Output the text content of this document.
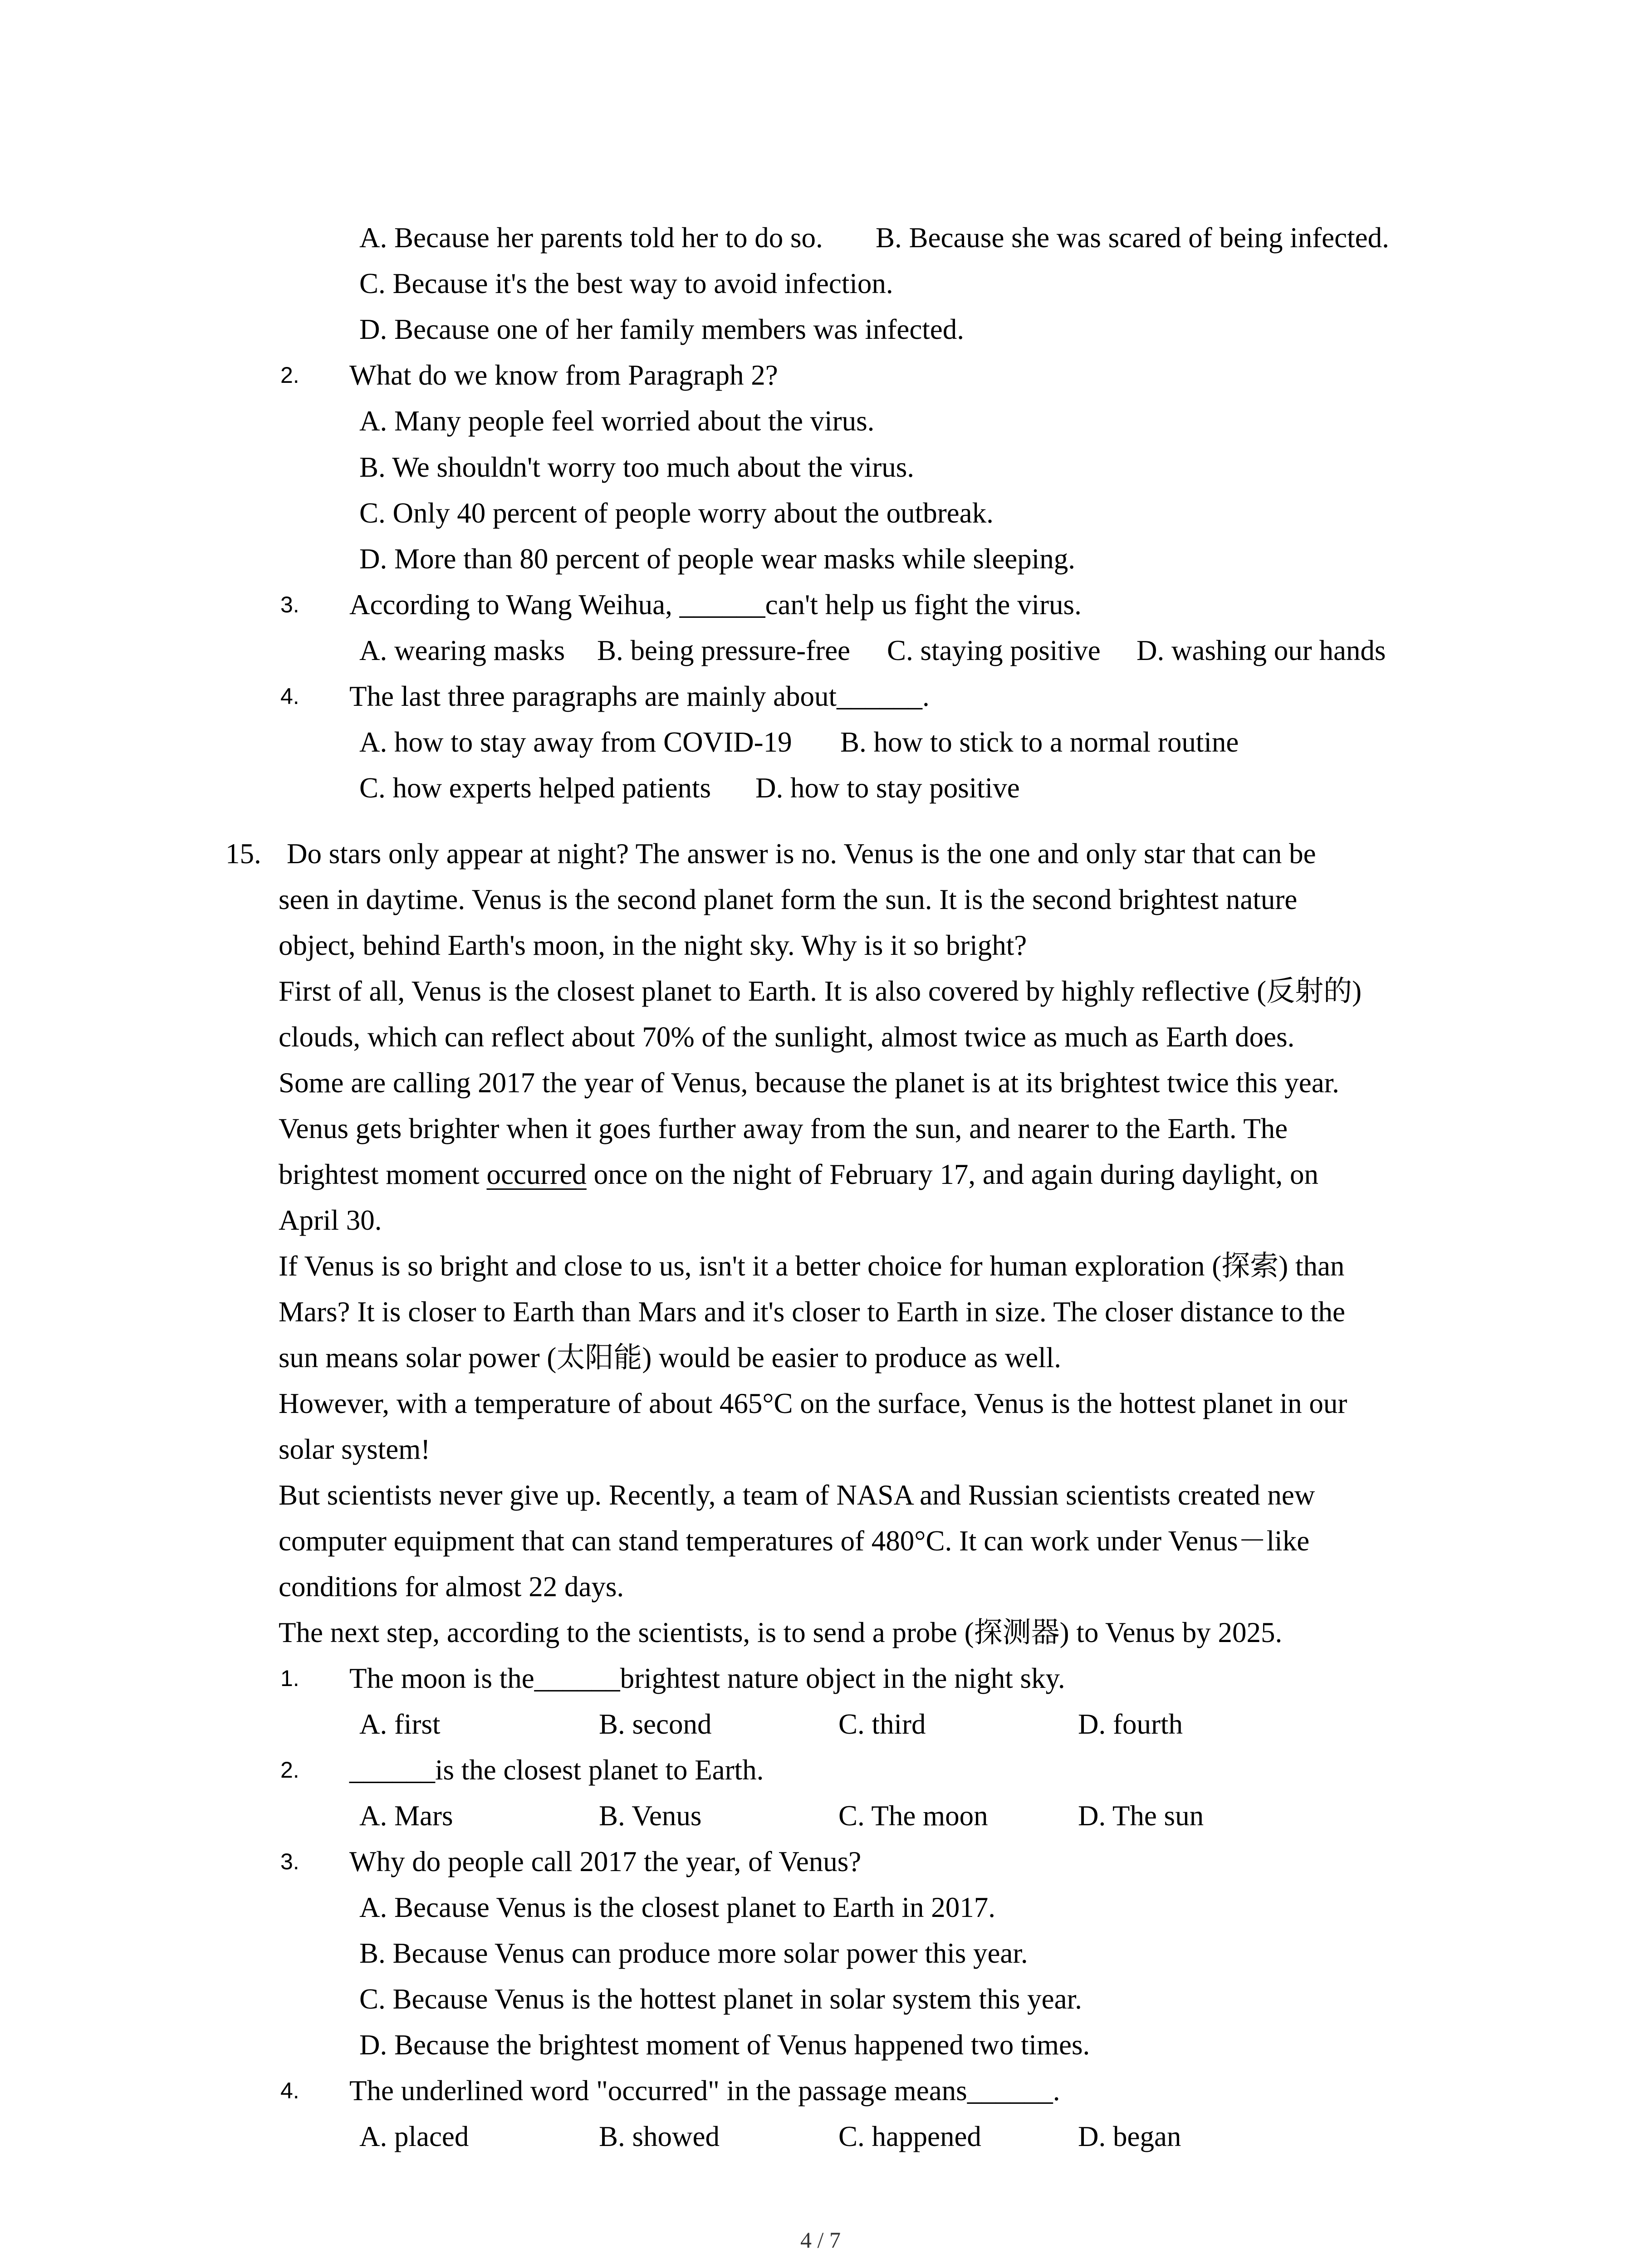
A. Because her parents told her to do so. B. Because she was scared of being infected.
C. Because it's the best way to avoid infection.
D. Because one of her family members was infected.
2. What do we know from Paragraph 2?
A. Many people feel worried about the virus.
B. We shouldn't worry too much about the virus.
C. Only 40 percent of people worry about the outbreak.
D. More than 80 percent of people wear masks while sleeping.
3. According to Wang Weihua, ______can't help us fight the virus.
A. wearing masks B. being pressure-free C. staying positive D. washing our hands
4. The last three paragraphs are mainly about______.
A. how to stay away from COVID-19 B. how to stick to a normal routine
C. how experts helped patients D. how to stay positive
15. Do stars only appear at night? The answer is no. Venus is the one and only star that can be
seen in daytime. Venus is the second planet form the sun. It is the second brightest nature
object, behind Earth's moon, in the night sky. Why is it so bright?
First of all, Venus is the closest planet to Earth. It is also covered by highly reflective (反射的)
clouds, which can reflect about 70% of the sunlight, almost twice as much as Earth does.
Some are calling 2017 the year of Venus, because the planet is at its brightest twice this year.
Venus gets brighter when it goes further away from the sun, and nearer to the Earth. The
brightest moment occurred once on the night of February 17, and again during daylight, on
April 30.
If Venus is so bright and close to us, isn't it a better choice for human exploration (探索) than
Mars? It is closer to Earth than Mars and it's closer to Earth in size. The closer distance to the
sun means solar power (太阳能) would be easier to produce as well.
However, with a temperature of about 465°C on the surface, Venus is the hottest planet in our
solar system!
But scientists never give up. Recently, a team of NASA and Russian scientists created new
computer equipment that can stand temperatures of 480°C. It can work under Venus－like
conditions for almost 22 days.
The next step, according to the scientists, is to send a probe (探测器) to Venus by 2025.
1. The moon is the______brightest nature object in the night sky.
A. first	B. second	C. third	D. fourth
2. ______is the closest planet to Earth.
A. Mars	B. Venus	C. The moon	D. The sun
3. Why do people call 2017 the year, of Venus?
A. Because Venus is the closest planet to Earth in 2017.
B. Because Venus can produce more solar power this year.
C. Because Venus is the hottest planet in solar system this year.
D. Because the brightest moment of Venus happened two times.
4. The underlined word "occurred" in the passage means______.
A. placed	B. showed	C. happened	D. began
4 / 7
